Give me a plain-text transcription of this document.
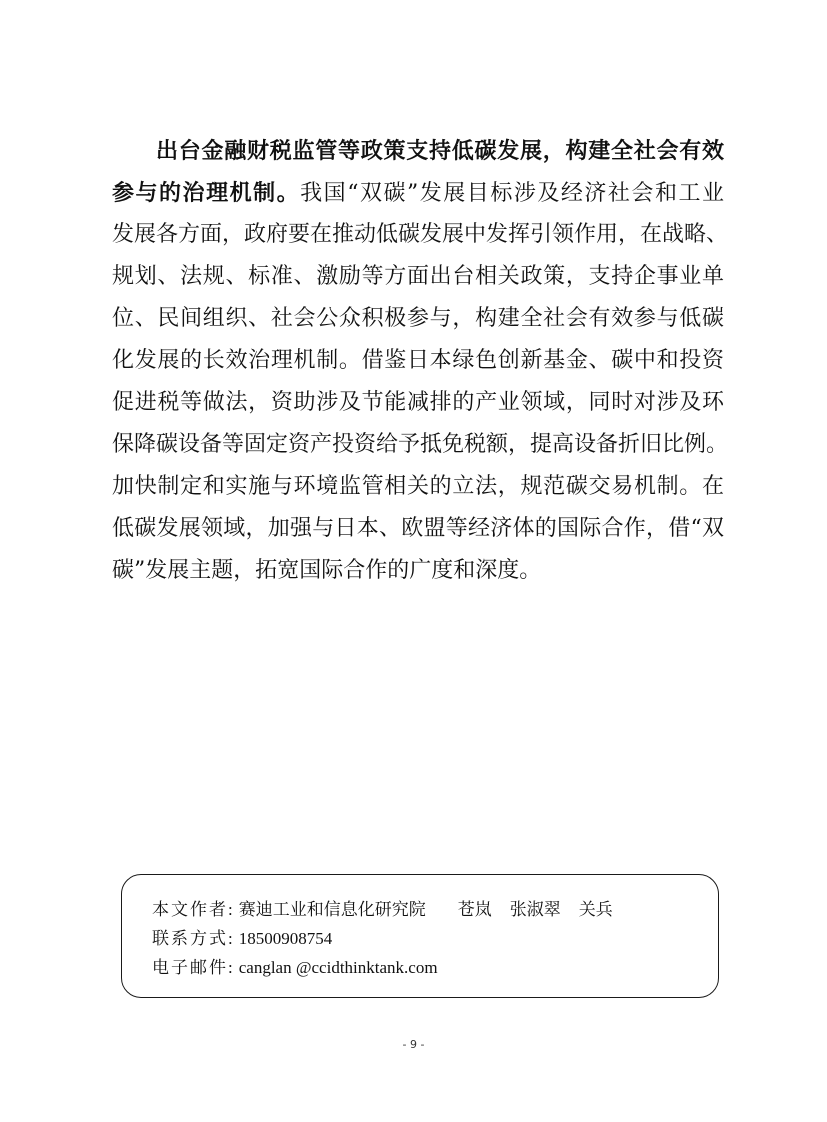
出台金融财税监管等政策支持低碳发展，构建全社会有效
参与的治理机制。我国“双碳”发展目标涉及经济社会和工业
发展各方面，政府要在推动低碳发展中发挥引领作用，在战略、
规划、法规、标准、激励等方面出台相关政策，支持企事业单
位、民间组织、社会公众积极参与，构建全社会有效参与低碳
化发展的长效治理机制。借鉴日本绿色创新基金、碳中和投资
促进税等做法，资助涉及节能减排的产业领域，同时对涉及环
保降碳设备等固定资产投资给予抵免税额，提高设备折旧比例。
加快制定和实施与环境监管相关的立法，规范碳交易机制。在
低碳发展领域，加强与日本、欧盟等经济体的国际合作，借“双
碳”发展主题，拓宽国际合作的广度和深度。
本文作者: 赛迪工业和信息化研究院 苍岚 张淑翠 关兵
联系方式: 18500908754
电子邮件: canglan @ccidthinktank.com
- 9 -
